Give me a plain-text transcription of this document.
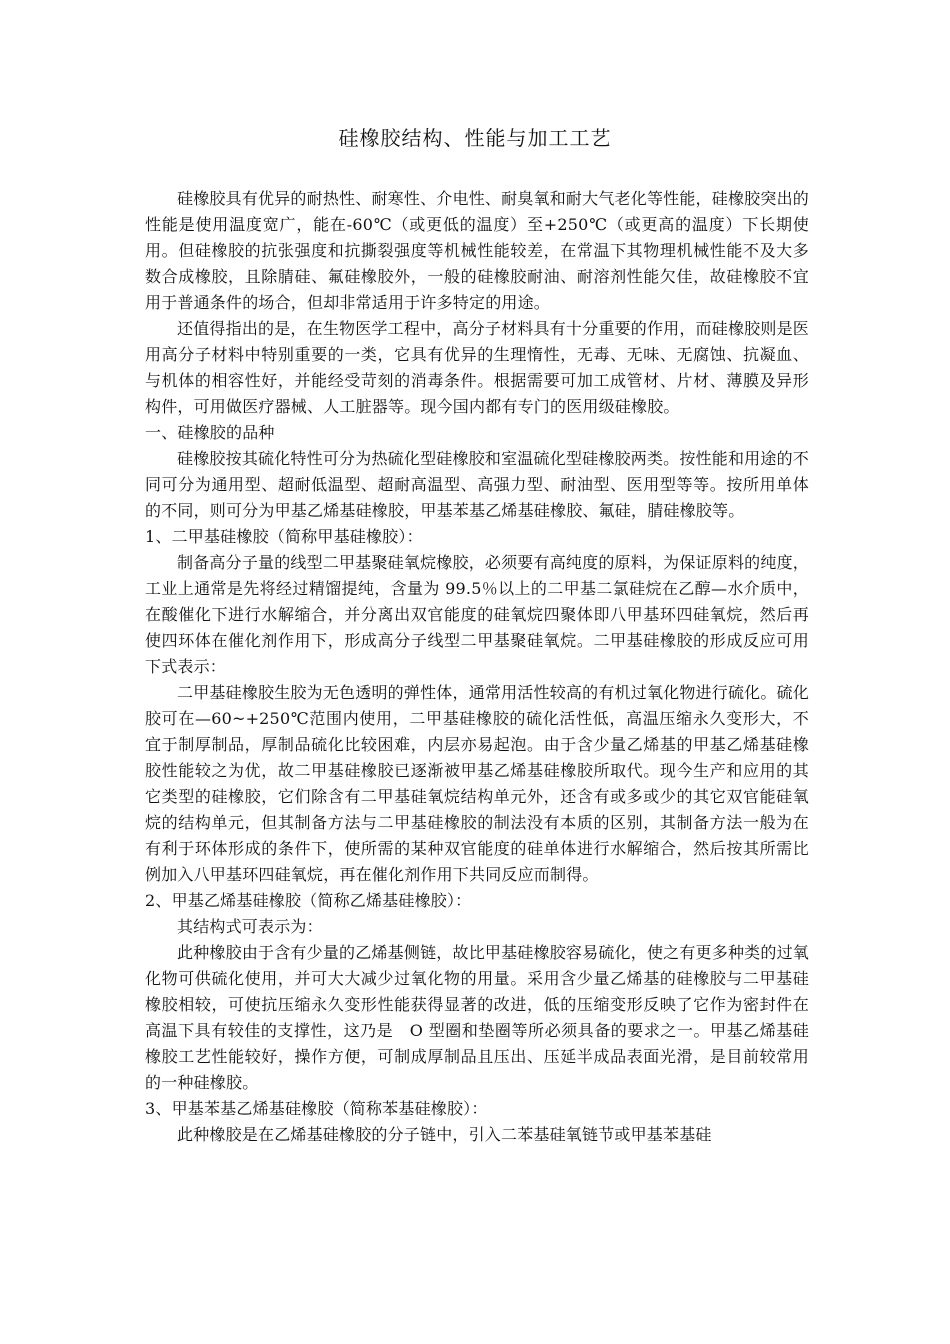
硅橡胶结构、性能与加工工艺

硅橡胶具有优异的耐热性、耐寒性、介电性、耐臭氧和耐大气老化等性能，硅橡胶突出的性能是使用温度宽广，能在-60℃（或更低的温度）至+250℃（或更高的温度）下长期使用。但硅橡胶的抗张强度和抗撕裂强度等机械性能较差，在常温下其物理机械性能不及大多数合成橡胶，且除腈硅、氟硅橡胶外，一般的硅橡胶耐油、耐溶剂性能欠佳，故硅橡胶不宜用于普通条件的场合，但却非常适用于许多特定的用途。

还值得指出的是，在生物医学工程中，高分子材料具有十分重要的作用，而硅橡胶则是医用高分子材料中特别重要的一类，它具有优异的生理惰性，无毒、无味、无腐蚀、抗凝血、与机体的相容性好，并能经受苛刻的消毒条件。根据需要可加工成管材、片材、薄膜及异形构件，可用做医疗器械、人工脏器等。现今国内都有专门的医用级硅橡胶。

一、硅橡胶的品种

硅橡胶按其硫化特性可分为热硫化型硅橡胶和室温硫化型硅橡胶两类。按性能和用途的不同可分为通用型、超耐低温型、超耐高温型、高强力型、耐油型、医用型等等。按所用单体的不同，则可分为甲基乙烯基硅橡胶，甲基苯基乙烯基硅橡胶、氟硅，腈硅橡胶等。

1、二甲基硅橡胶（简称甲基硅橡胶）：

制备高分子量的线型二甲基聚硅氧烷橡胶，必须要有高纯度的原料，为保证原料的纯度，工业上通常是先将经过精馏提纯，含量为 99.5％以上的二甲基二氯硅烷在乙醇—水介质中，在酸催化下进行水解缩合，并分离出双官能度的硅氧烷四聚体即八甲基环四硅氧烷，然后再使四环体在催化剂作用下，形成高分子线型二甲基聚硅氧烷。二甲基硅橡胶的形成反应可用下式表示：

二甲基硅橡胶生胶为无色透明的弹性体，通常用活性较高的有机过氧化物进行硫化。硫化胶可在—60~+250℃范围内使用，二甲基硅橡胶的硫化活性低，高温压缩永久变形大，不宜于制厚制品，厚制品硫化比较困难，内层亦易起泡。由于含少量乙烯基的甲基乙烯基硅橡胶性能较之为优，故二甲基硅橡胶已逐渐被甲基乙烯基硅橡胶所取代。现今生产和应用的其它类型的硅橡胶，它们除含有二甲基硅氧烷结构单元外，还含有或多或少的其它双官能硅氧烷的结构单元，但其制备方法与二甲基硅橡胶的制法没有本质的区别，其制备方法一般为在有利于环体形成的条件下，使所需的某种双官能度的硅单体进行水解缩合，然后按其所需比例加入八甲基环四硅氧烷，再在催化剂作用下共同反应而制得。

2、甲基乙烯基硅橡胶（简称乙烯基硅橡胶）：

其结构式可表示为：

此种橡胶由于含有少量的乙烯基侧链，故比甲基硅橡胶容易硫化，使之有更多种类的过氧化物可供硫化使用，并可大大减少过氧化物的用量。采用含少量乙烯基的硅橡胶与二甲基硅橡胶相较，可使抗压缩永久变形性能获得显著的改进，低的压缩变形反映了它作为密封件在高温下具有较佳的支撑性，这乃是　O 型圈和垫圈等所必须具备的要求之一。甲基乙烯基硅橡胶工艺性能较好，操作方便，可制成厚制品且压出、压延半成品表面光滑，是目前较常用的一种硅橡胶。

3、甲基苯基乙烯基硅橡胶（简称苯基硅橡胶）：

此种橡胶是在乙烯基硅橡胶的分子链中，引入二苯基硅氧链节或甲基苯基硅
